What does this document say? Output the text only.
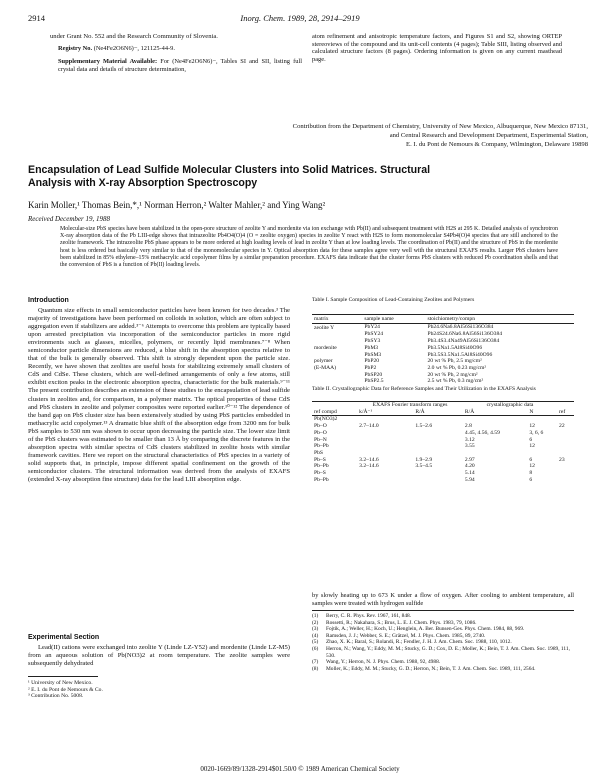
2914	Inorg. Chem. 1989, 28, 2914–2919
under Grant No. 552 and the Research Community of Slovenia.
Registry No. (Ne4Fe2O6N6)−, 121125-44-9.
Supplementary Material Available: For (Ne4Fe2O6N6)−, Tables SI and SII, listing full crystal data and details of structure determination,
atom refinement and anisotropic temperature factors, and Figures S1 and S2, showing ORTEP stereoviews of the compound and its unit-cell contents (4 pages); Table SIII, listing observed and calculated structure factors (8 pages). Ordering information is given on any current masthead page.
Contribution from the Department of Chemistry, University of New Mexico, Albuquerque, New Mexico 87131,
and Central Research and Development Department, Experimental Station,
E. I. du Pont de Nemours & Company, Wilmington, Delaware 19898
Encapsulation of Lead Sulfide Molecular Clusters into Solid Matrices. Structural
Analysis with X-ray Absorption Spectroscopy
Karin Moller,¹ Thomas Bein,*,¹ Norman Herron,² Walter Mahler,² and Ying Wang²
Received December 19, 1988
Molecular-size PbS species have been stabilized in the open-pore structure of zeolite Y and mordenite via ion exchange with Pb(II) and subsequent treatment with H2S at 295 K. Detailed analysis of synchrotron X-ray absorption data of the Pb LIII-edge shows that intrazeolite Pb4O4(O)4 (O = zeolite oxygen) species in zeolite Y react with H2S to form monomolecular S4Pb4(O)4 species that are still anchored to the zeolite framework. The intrazeolite PbS phase appears to be more ordered at high loading levels of lead in zeolite Y than at low loading levels. The coordination of Pb(II) and the structure of PbS in the mordenite host is less ordered but basically very similar to that of the monomolecular species in Y. Optical absorption data for these samples agree very well with the structural EXAFS results. Larger PbS clusters have been stabilized in 85% ethylene–15% methacrylic acid copolymer films by a similar preparation procedure. EXAFS data indicate that the cluster forms PbS clusters with reduced Pb coordination shells and that the conversion of PbS is a function of Pb(II) loading levels.
Introduction
Quantum size effects in small semiconductor particles have been known for two decades.³ The majority of investigations have been performed on colloids in solution, which are often subject to aggregation even if stabilizers are added.³⁻⁶ Attempts to overcome this problem are typically based upon arrested precipitation via incorporation of the semiconductor particles in more rigid environments such as glasses, micelles, polymers, or recently lipid membranes.⁷⁻⁸ When semiconductor particle dimensions are reduced, a blue shift in the absorption spectra relative to that of the bulk is generally observed. This shift is strongly dependent upon the particle size. Recently, we have shown that zeolites are useful hosts for stabilizing extremely small clusters of CdS and CdSe. These clusters, which are well-defined arrangements of only a few atoms, still exhibit exciton peaks in the electronic absorption spectra, characteristic for the bulk materials.⁹⁻¹¹ The present contribution describes an extension of these studies to the encapsulation of lead sulfide clusters in zeolites and, for comparison, in a polymer matrix. The optical properties of these CdS and PbS clusters in zeolite and polymer composites were reported earlier.¹⁰⁻¹² The dependence of the band gap on PbS cluster size has been extensively studied by using PbS particles embedded in methacrylic acid copolymer.¹³ A dramatic blue shift of the absorption edge from 3200 nm for bulk PbS samples to 530 nm was shown to occur upon decreasing the particle size. The lower size limit of the PbS clusters was estimated to be smaller than 13 Å by comparing the discrete features in the absorption spectra with similar spectra of CdS clusters stabilized in zeolite hosts with similar framework cavities. Here we report on the structural characteristics of PbS species in a variety of solid supports that, in principle, impose different spatial confinement on the growth of the semiconductor clusters. The structural information was derived from the analysis of EXAFS (extended X-ray absorption fine structure) data for the lead LIII absorption edge.
Experimental Section
Lead(II) cations were exchanged into zeolite Y (Linde LZ-Y52) and mordenite (Linde LZ-M5) from an aqueous solution of Pb(NO3)2 at room temperature. The zeolite samples were subsequently dehydrated
¹ University of New Mexico.
² E. I. du Pont de Nemours & Co.
³ Contribution No. 5008.
Table I. Sample Composition of Lead-Containing Zeolites and Polymers
matrix	sample name	stoichiometry/compn
zeolite Y	PbY24	Pb24.6Na6.8Al56Si136O384
	PbSY24	Pb24S24.6Na6.8Al56Si136O384
	PbSY3	Pb3.4S3.4Na49Al56Si136O384
mordenite	PbM3	Pb3.5Na1.5Al8Si40O96
	PbSM3	Pb3.5S3.5Na1.5Al8Si40O96
polymer	PbP20	20 wt % Pb, 2.5 mg/cm²
(E-MAA)	PbP2	2.0 wt % Pb, 0.23 mg/cm²
	PbSP20	20 wt % Pb, 2 mg/cm²
	PbSP2.5	2.5 wt % Pb, 0.3 mg/cm²
Table II. Crystallographic Data for Reference Samples and Their Utilization in the EXAFS Analysis
	EXAFS Fourier transform ranges		crystallographic data		
ref compd	k/Å⁻¹	R/Å	R/Å	N	ref
Pb(NO3)2					
Pb–O	2.7–14.0	1.5–2.6	2.8	12	22
Pb–O			4.45, 4.56, 4.59	3, 6, 6	
Pb–N			3.12	6	
Pb–Pb			3.55	12	
PbS					
Pb–S	3.2–14.6	1.9–2.9	2.97	6	23
Pb–Pb	3.2–14.6	3.5–4.5	4.20	12	
Pb–S			5.14	8	
Pb–Pb			5.94	6	
by slowly heating up to 673 K under a flow of oxygen. After cooling to ambient temperature, all samples were treated with hydrogen sulfide
(1)	Berry, C. R. Phys. Rev. 1967, 161, 848.
(2)	Rossetti, R.; Nakahara, S.; Brus, L. E. J. Chem. Phys. 1983, 79, 1086.
(3)	Fojtik, A.; Weller, H.; Koch, U.; Henglein, A. Ber. Bunsen-Ges. Phys. Chem. 1984, 88, 969.
(4)	Ramsden, J. J.; Webber, S. E.; Grätzel, M. J. Phys. Chem. 1985, 89, 2740.
(5)	Zhao, X. K.; Baral, S.; Rolandi, R.; Fendler, J. H. J. Am. Chem. Soc. 1988, 110, 1012.
(6)	Herron, N.; Wang, Y.; Eddy, M. M.; Stucky, G. D.; Cox, D. E.; Moller, K.; Bein, T. J. Am. Chem. Soc. 1989, 111, 530.
(7)	Wang, Y.; Herron, N. J. Phys. Chem. 1988, 92, 4988.
(8)	Moller, K.; Eddy, M. M.; Stucky, G. D.; Herron, N.; Bein, T. J. Am. Chem. Soc. 1989, 111, 2564.
0020-1669/89/1328-2914$01.50/0 © 1989 American Chemical Society
